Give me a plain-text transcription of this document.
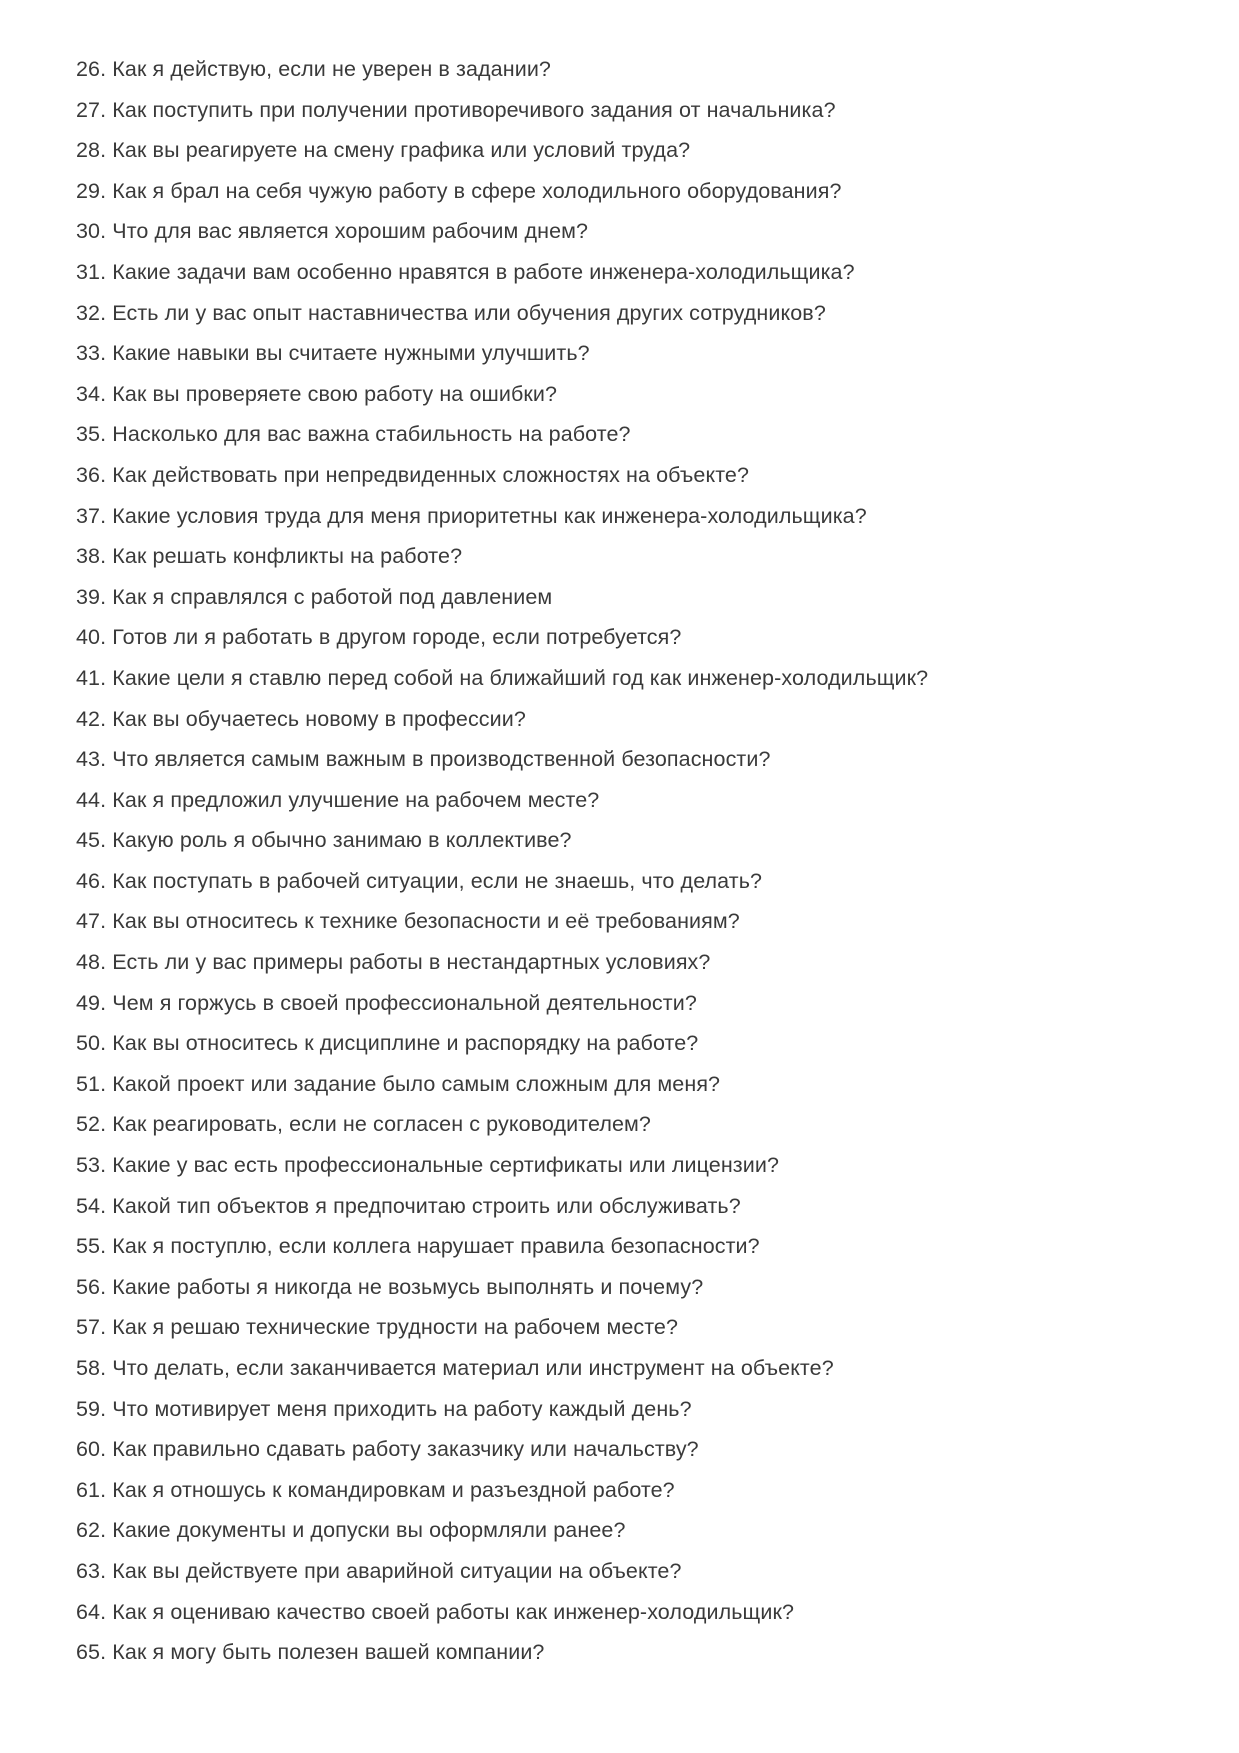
26. Как я действую, если не уверен в задании?
27. Как поступить при получении противоречивого задания от начальника?
28. Как вы реагируете на смену графика или условий труда?
29. Как я брал на себя чужую работу в сфере холодильного оборудования?
30. Что для вас является хорошим рабочим днем?
31. Какие задачи вам особенно нравятся в работе инженера-холодильщика?
32. Есть ли у вас опыт наставничества или обучения других сотрудников?
33. Какие навыки вы считаете нужными улучшить?
34. Как вы проверяете свою работу на ошибки?
35. Насколько для вас важна стабильность на работе?
36. Как действовать при непредвиденных сложностях на объекте?
37. Какие условия труда для меня приоритетны как инженера-холодильщика?
38. Как решать конфликты на работе?
39. Как я справлялся с работой под давлением
40. Готов ли я работать в другом городе, если потребуется?
41. Какие цели я ставлю перед собой на ближайший год как инженер-холодильщик?
42. Как вы обучаетесь новому в профессии?
43. Что является самым важным в производственной безопасности?
44. Как я предложил улучшение на рабочем месте?
45. Какую роль я обычно занимаю в коллективе?
46. Как поступать в рабочей ситуации, если не знаешь, что делать?
47. Как вы относитесь к технике безопасности и её требованиям?
48. Есть ли у вас примеры работы в нестандартных условиях?
49. Чем я горжусь в своей профессиональной деятельности?
50. Как вы относитесь к дисциплине и распорядку на работе?
51. Какой проект или задание было самым сложным для меня?
52. Как реагировать, если не согласен с руководителем?
53. Какие у вас есть профессиональные сертификаты или лицензии?
54. Какой тип объектов я предпочитаю строить или обслуживать?
55. Как я поступлю, если коллега нарушает правила безопасности?
56. Какие работы я никогда не возьмусь выполнять и почему?
57. Как я решаю технические трудности на рабочем месте?
58. Что делать, если заканчивается материал или инструмент на объекте?
59. Что мотивирует меня приходить на работу каждый день?
60. Как правильно сдавать работу заказчику или начальству?
61. Как я отношусь к командировкам и разъездной работе?
62. Какие документы и допуски вы оформляли ранее?
63. Как вы действуете при аварийной ситуации на объекте?
64. Как я оцениваю качество своей работы как инженер-холодильщик?
65. Как я могу быть полезен вашей компании?
